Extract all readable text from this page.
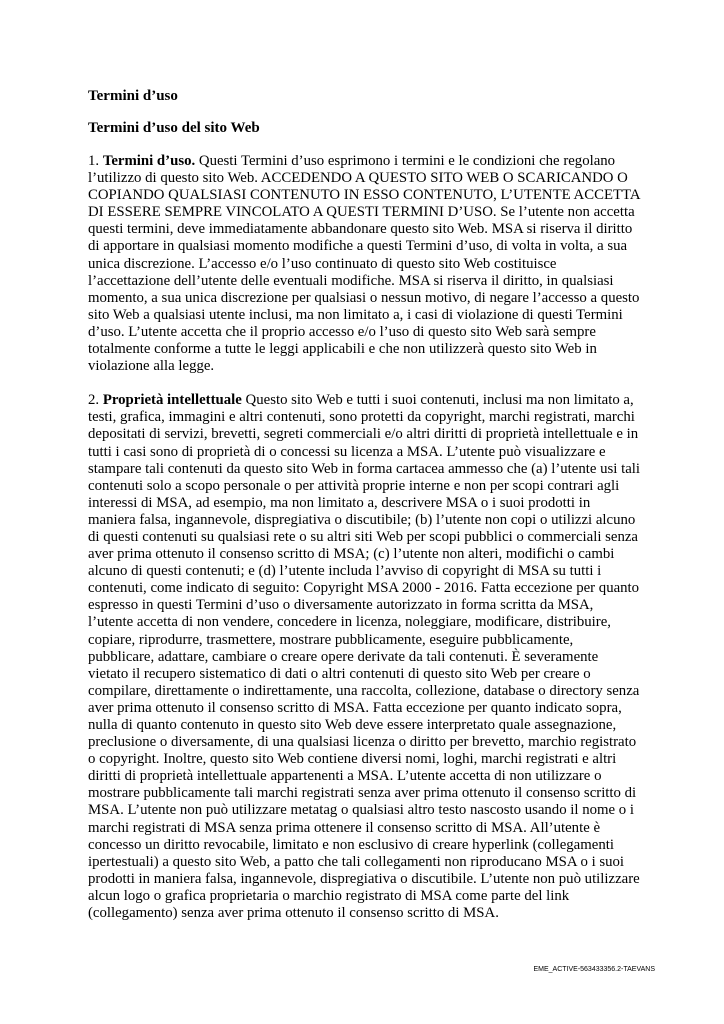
Termini d’uso

Termini d’uso del sito Web

1. Termini d’uso. Questi Termini d’uso esprimono i termini e le condizioni che regolano l’utilizzo di questo sito Web. ACCEDENDO A QUESTO SITO WEB O SCARICANDO O COPIANDO QUALSIASI CONTENUTO IN ESSO CONTENUTO, L’UTENTE ACCETTA DI ESSERE SEMPRE VINCOLATO A QUESTI TERMINI D’USO. Se l’utente non accetta questi termini, deve immediatamente abbandonare questo sito Web. MSA si riserva il diritto di apportare in qualsiasi momento modifiche a questi Termini d’uso, di volta in volta, a sua unica discrezione. L’accesso e/o l’uso continuato di questo sito Web costituisce l’accettazione dell’utente delle eventuali modifiche. MSA si riserva il diritto, in qualsiasi momento, a sua unica discrezione per qualsiasi o nessun motivo, di negare l’accesso a questo sito Web a qualsiasi utente inclusi, ma non limitato a, i casi di violazione di questi Termini d’uso. L’utente accetta che il proprio accesso e/o l’uso di questo sito Web sarà sempre totalmente conforme a tutte le leggi applicabili e che non utilizzerà questo sito Web in violazione alla legge.

2. Proprietà intellettuale Questo sito Web e tutti i suoi contenuti, inclusi ma non limitato a, testi, grafica, immagini e altri contenuti, sono protetti da copyright, marchi registrati, marchi depositati di servizi, brevetti, segreti commerciali e/o altri diritti di proprietà intellettuale e in tutti i casi sono di proprietà di o concessi su licenza a MSA. L’utente può visualizzare e stampare tali contenuti da questo sito Web in forma cartacea ammesso che (a) l’utente usi tali contenuti solo a scopo personale o per attività proprie interne e non per scopi contrari agli interessi di MSA, ad esempio, ma non limitato a, descrivere MSA o i suoi prodotti in maniera falsa, ingannevole, dispregiativa o discutibile; (b) l’utente non copi o utilizzi alcuno di questi contenuti su qualsiasi rete o su altri siti Web per scopi pubblici o commerciali senza aver prima ottenuto il consenso scritto di MSA; (c) l’utente non alteri, modifichi o cambi alcuno di questi contenuti; e (d) l’utente includa l’avviso di copyright di MSA su tutti i contenuti, come indicato di seguito: Copyright MSA 2000 - 2016. Fatta eccezione per quanto espresso in questi Termini d’uso o diversamente autorizzato in forma scritta da MSA, l’utente accetta di non vendere, concedere in licenza, noleggiare, modificare, distribuire, copiare, riprodurre, trasmettere, mostrare pubblicamente, eseguire pubblicamente, pubblicare, adattare, cambiare o creare opere derivate da tali contenuti. È severamente vietato il recupero sistematico di dati o altri contenuti di questo sito Web per creare o compilare, direttamente o indirettamente, una raccolta, collezione, database o directory senza aver prima ottenuto il consenso scritto di MSA. Fatta eccezione per quanto indicato sopra, nulla di quanto contenuto in questo sito Web deve essere interpretato quale assegnazione, preclusione o diversamente, di una qualsiasi licenza o diritto per brevetto, marchio registrato o copyright. Inoltre, questo sito Web contiene diversi nomi, loghi, marchi registrati e altri diritti di proprietà intellettuale appartenenti a MSA. L’utente accetta di non utilizzare o mostrare pubblicamente tali marchi registrati senza aver prima ottenuto il consenso scritto di MSA. L’utente non può utilizzare metatag o qualsiasi altro testo nascosto usando il nome o i marchi registrati di MSA senza prima ottenere il consenso scritto di MSA. All’utente è concesso un diritto revocabile, limitato e non esclusivo di creare hyperlink (collegamenti ipertestuali) a questo sito Web, a patto che tali collegamenti non riproducano MSA o i suoi prodotti in maniera falsa, ingannevole, dispregiativa o discutibile. L’utente non può utilizzare alcun logo o grafica proprietaria o marchio registrato di MSA come parte del link (collegamento) senza aver prima ottenuto il consenso scritto di MSA.

EME_ACTIVE-563433356.2-TAEVANS
